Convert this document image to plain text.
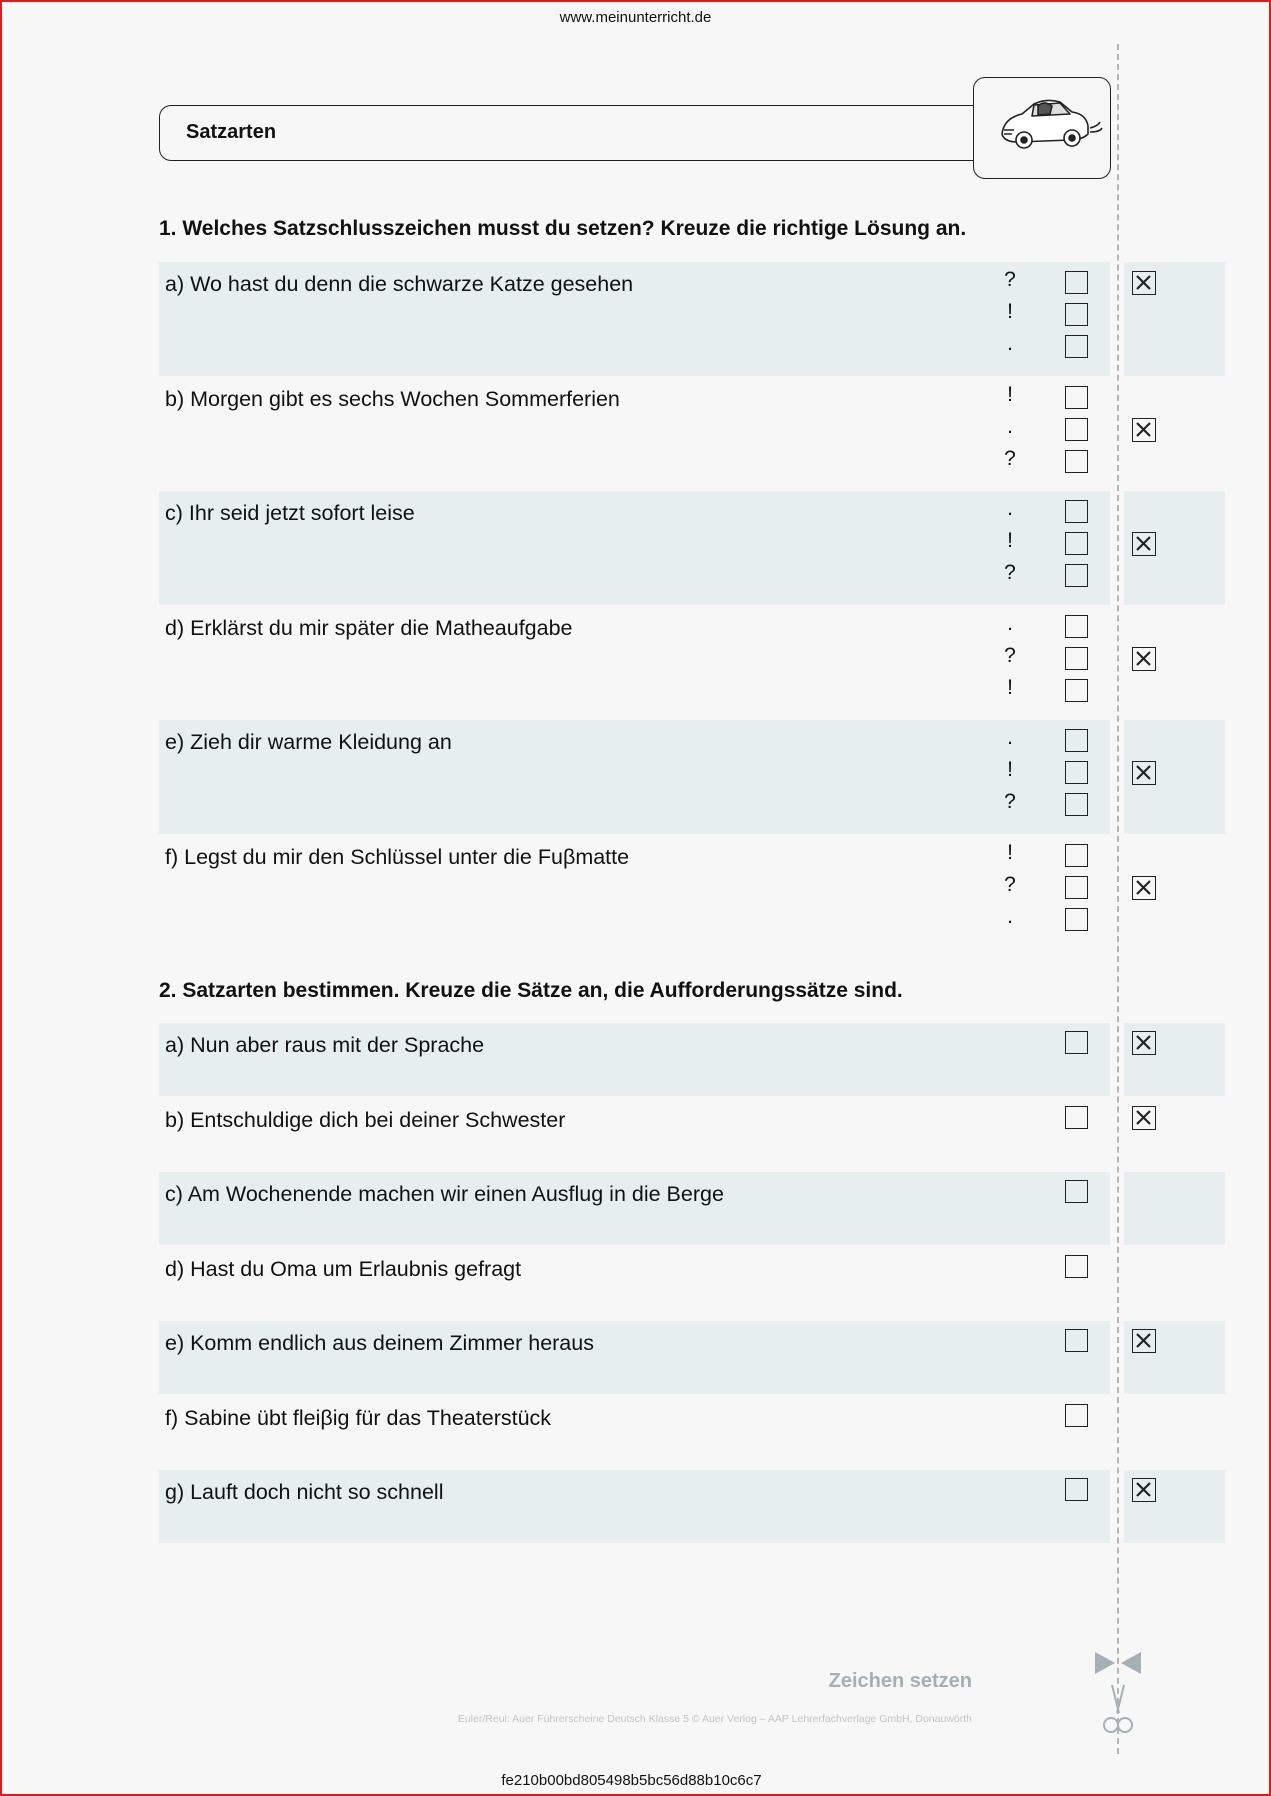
www.meinunterricht.de
Satzarten
1. Welches Satzschlusszeichen musst du setzen? Kreuze die richtige Lösung an.
a) Wo hast du denn die schwarze Katze gesehen	?
!
.
b) Morgen gibt es sechs Wochen Sommerferien	!
.
?
c) Ihr seid jetzt sofort leise	.
!
?
d) Erklärst du mir später die Matheaufgabe	.
?
!
e) Zieh dir warme Kleidung an	.
!
?
f) Legst du mir den Schlüssel unter die Fuβmatte	!
?
.
2. Satzarten bestimmen. Kreuze die Sätze an, die Aufforderungssätze sind.
a) Nun aber raus mit der Sprache
b) Entschuldige dich bei deiner Schwester
c) Am Wochenende machen wir einen Ausflug in die Berge
d) Hast du Oma um Erlaubnis gefragt
e) Komm endlich aus deinem Zimmer heraus
f) Sabine übt fleiβig für das Theaterstück
g) Lauft doch nicht so schnell
Zeichen setzen
Euler/Reul: Auer Führerscheine Deutsch Klasse 5 © Auer Verlog – AAP Lehrerfachverlage GmbH, Donauwörth
fe210b00bd805498b5bc56d88b10c6c7
